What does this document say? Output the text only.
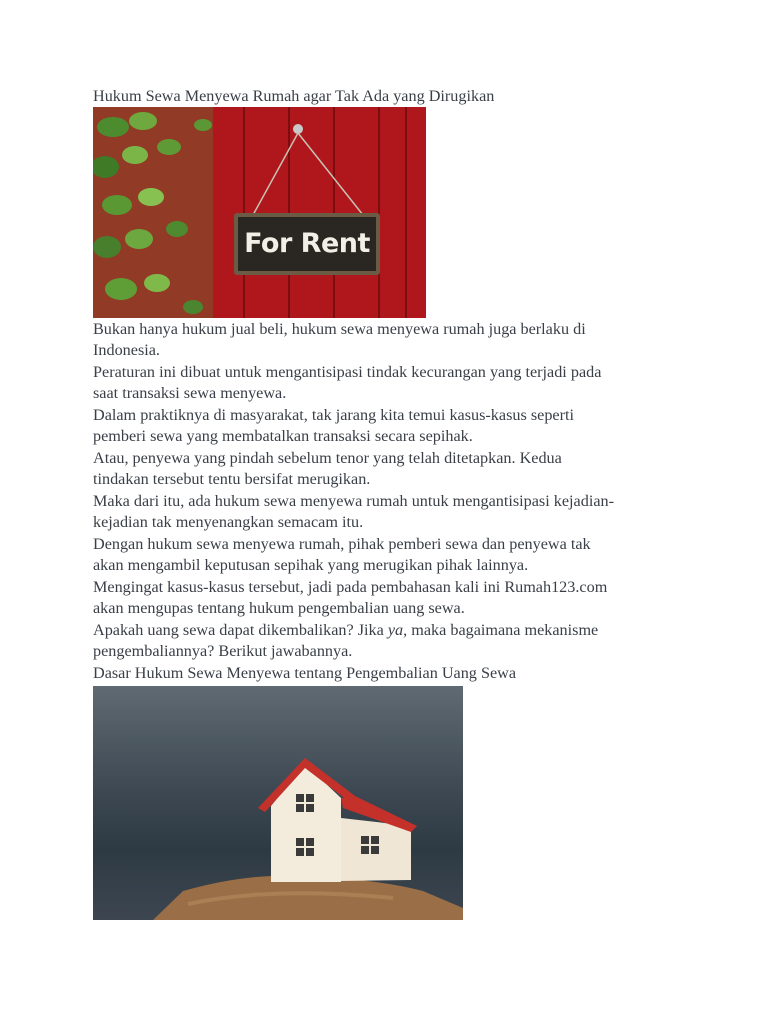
Hukum Sewa Menyewa Rumah agar Tak Ada yang Dirugikan
For Rent
Bukan hanya hukum jual beli, hukum sewa menyewa rumah juga berlaku di
Indonesia.
Peraturan ini dibuat untuk mengantisipasi tindak kecurangan yang terjadi pada
saat transaksi sewa menyewa.
Dalam praktiknya di masyarakat, tak jarang kita temui kasus-kasus seperti
pemberi sewa yang membatalkan transaksi secara sepihak.
Atau, penyewa yang pindah sebelum tenor yang telah ditetapkan. Kedua
tindakan tersebut tentu bersifat merugikan.
Maka dari itu, ada hukum sewa menyewa rumah untuk mengantisipasi kejadian-
kejadian tak menyenangkan semacam itu.
Dengan hukum sewa menyewa rumah, pihak pemberi sewa dan penyewa tak
akan mengambil keputusan sepihak yang merugikan pihak lainnya.
Mengingat kasus-kasus tersebut, jadi pada pembahasan kali ini Rumah123.com
akan mengupas tentang hukum pengembalian uang sewa.
Apakah uang sewa dapat dikembalikan? Jika ya, maka bagaimana mekanisme
pengembaliannya? Berikut jawabannya.
Dasar Hukum Sewa Menyewa tentang Pengembalian Uang Sewa
